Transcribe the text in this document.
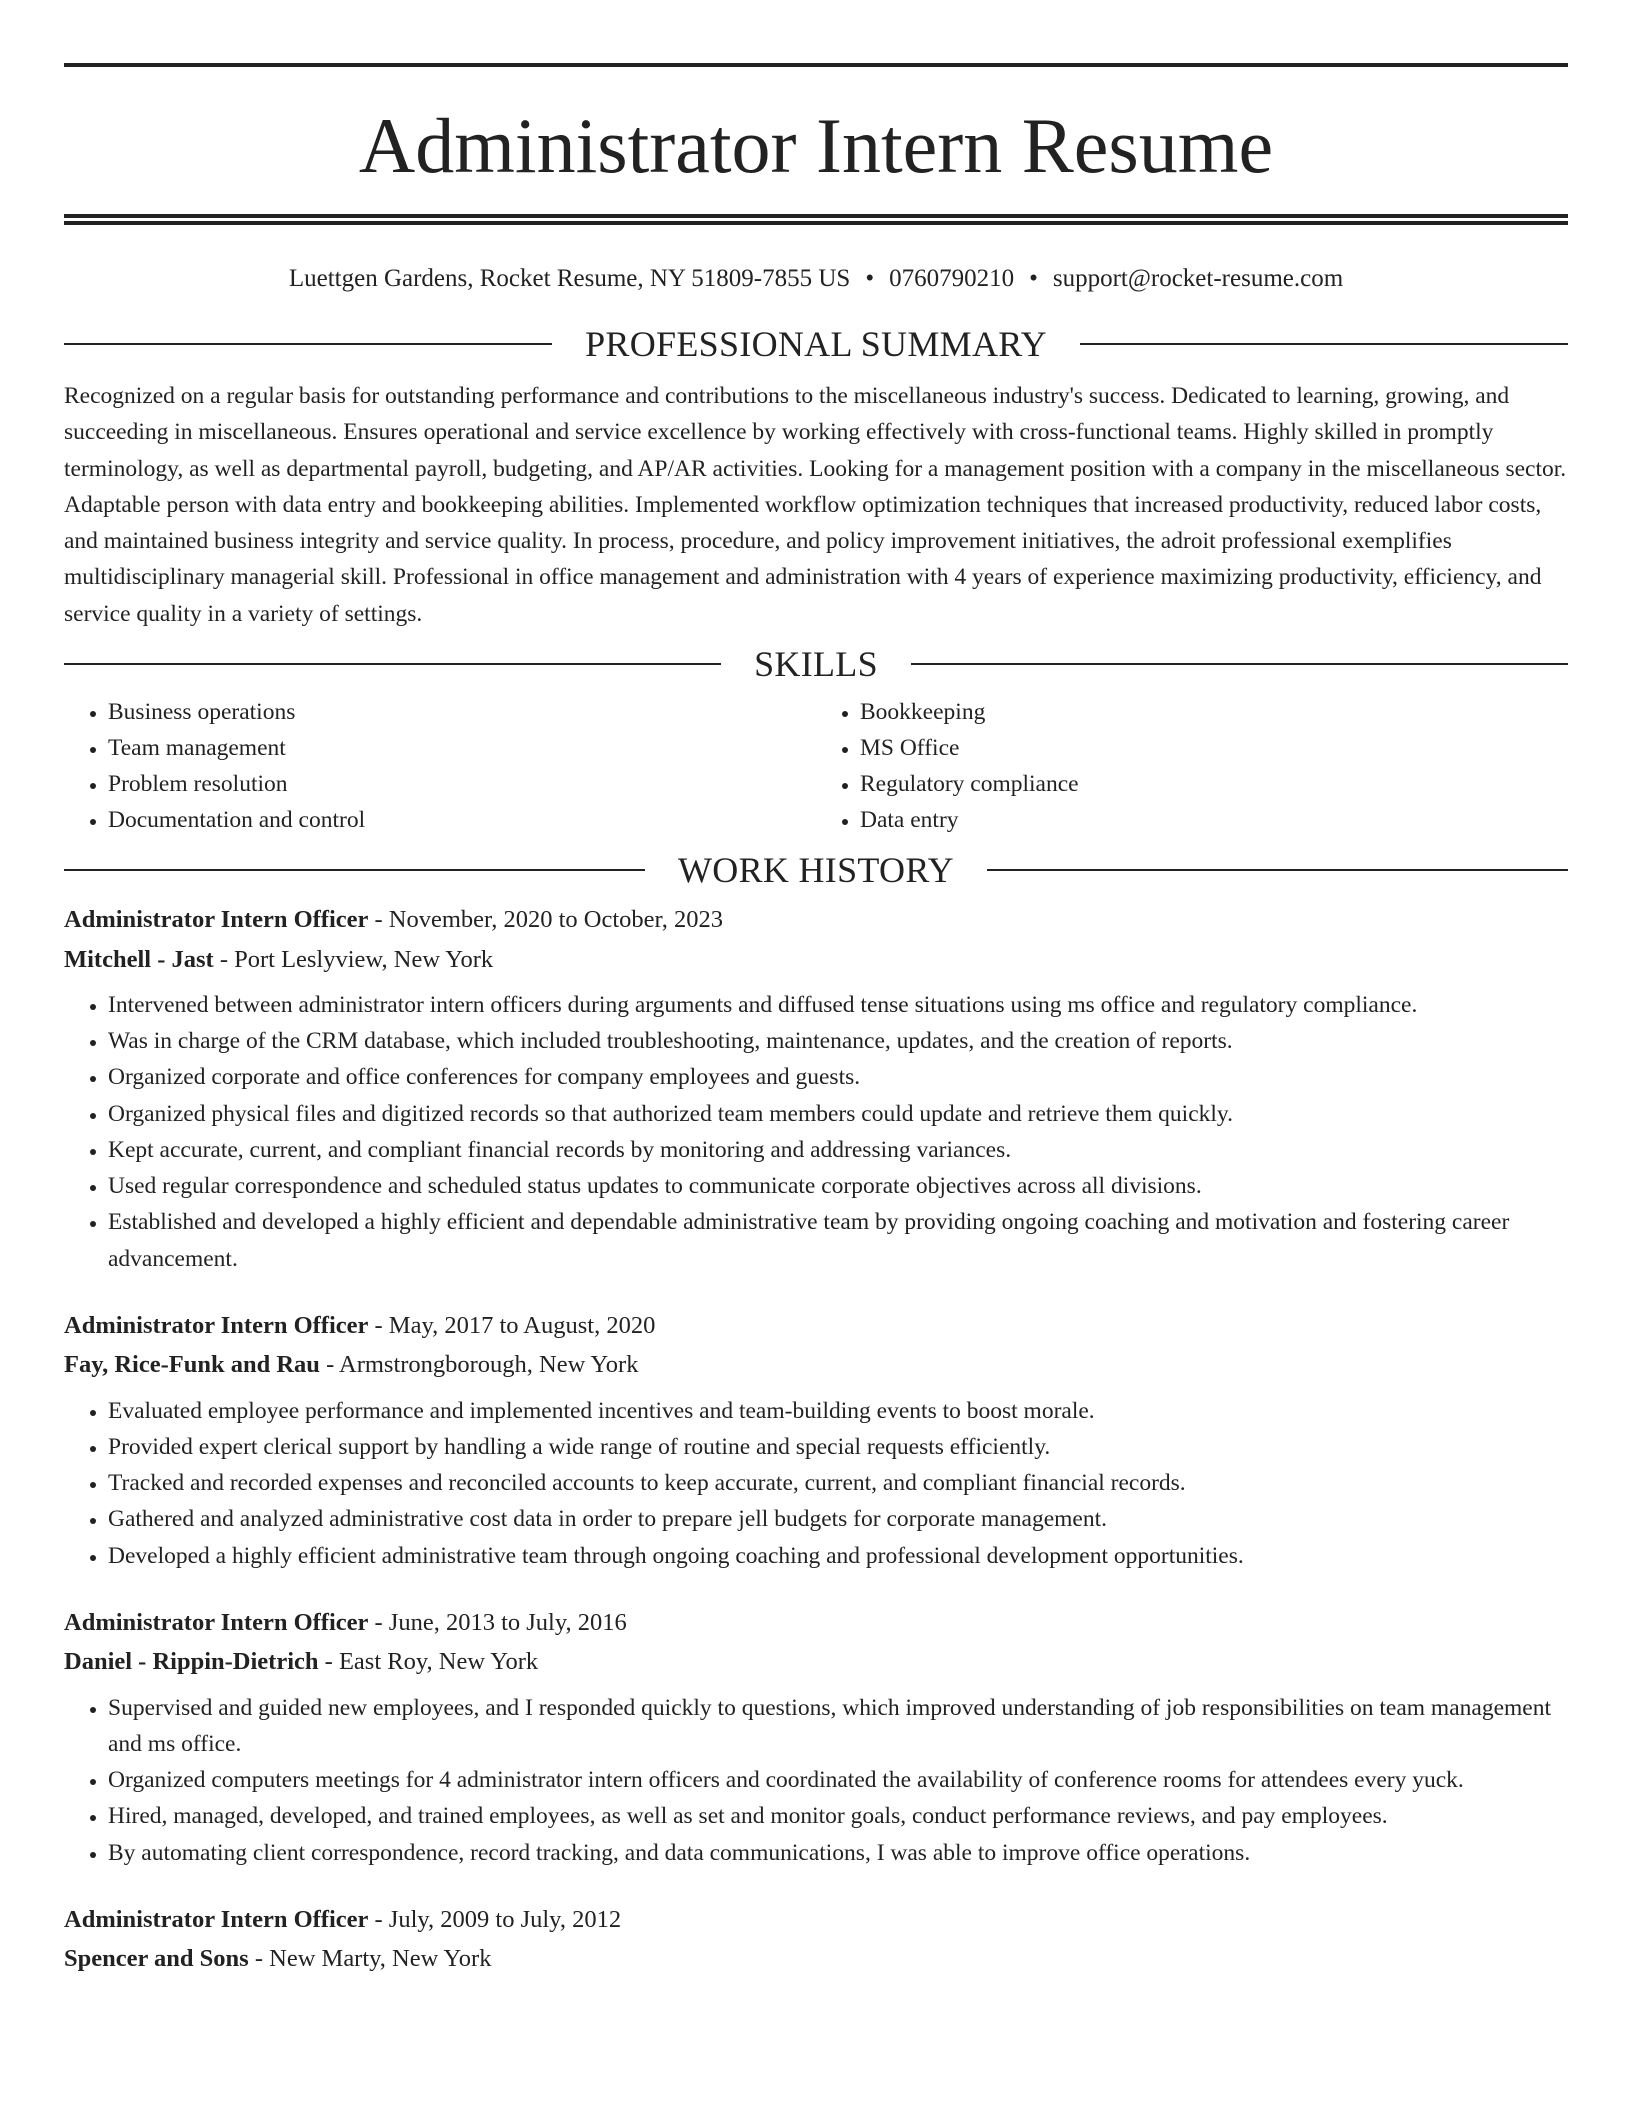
Administrator Intern Resume
Luettgen Gardens, Rocket Resume, NY 51809-7855 US • 0760790210 • support@rocket-resume.com
PROFESSIONAL SUMMARY

Recognized on a regular basis for outstanding performance and contributions to the miscellaneous industry's success. Dedicated to learning, growing, and succeeding in miscellaneous. Ensures operational and service excellence by working effectively with cross-functional teams. Highly skilled in promptly terminology, as well as departmental payroll, budgeting, and AP/AR activities. Looking for a management position with a company in the miscellaneous sector. Adaptable person with data entry and bookkeeping abilities. Implemented workflow optimization techniques that increased productivity, reduced labor costs, and maintained business integrity and service quality. In process, procedure, and policy improvement initiatives, the adroit professional exemplifies multidisciplinary managerial skill. Professional in office management and administration with 4 years of experience maximizing productivity, efficiency, and service quality in a variety of settings.

SKILLS
• Business operations
• Team management
• Problem resolution
• Documentation and control
• Bookkeeping
• MS Office
• Regulatory compliance
• Data entry
WORK HISTORY
Administrator Intern Officer - November, 2020 to October, 2023
Mitchell - Jast - Port Leslyview, New York
• Intervened between administrator intern officers during arguments and diffused tense situations using ms office and regulatory compliance.
• Was in charge of the CRM database, which included troubleshooting, maintenance, updates, and the creation of reports.
• Organized corporate and office conferences for company employees and guests.
• Organized physical files and digitized records so that authorized team members could update and retrieve them quickly.
• Kept accurate, current, and compliant financial records by monitoring and addressing variances.
• Used regular correspondence and scheduled status updates to communicate corporate objectives across all divisions.
• Established and developed a highly efficient and dependable administrative team by providing ongoing coaching and motivation and fostering career advancement.
Administrator Intern Officer - May, 2017 to August, 2020
Fay, Rice-Funk and Rau - Armstrongborough, New York
• Evaluated employee performance and implemented incentives and team-building events to boost morale.
• Provided expert clerical support by handling a wide range of routine and special requests efficiently.
• Tracked and recorded expenses and reconciled accounts to keep accurate, current, and compliant financial records.
• Gathered and analyzed administrative cost data in order to prepare jell budgets for corporate management.
• Developed a highly efficient administrative team through ongoing coaching and professional development opportunities.
Administrator Intern Officer - June, 2013 to July, 2016
Daniel - Rippin-Dietrich - East Roy, New York
• Supervised and guided new employees, and I responded quickly to questions, which improved understanding of job responsibilities on team management and ms office.
• Organized computers meetings for 4 administrator intern officers and coordinated the availability of conference rooms for attendees every yuck.
• Hired, managed, developed, and trained employees, as well as set and monitor goals, conduct performance reviews, and pay employees.
• By automating client correspondence, record tracking, and data communications, I was able to improve office operations.
Administrator Intern Officer - July, 2009 to July, 2012
Spencer and Sons - New Marty, New York
